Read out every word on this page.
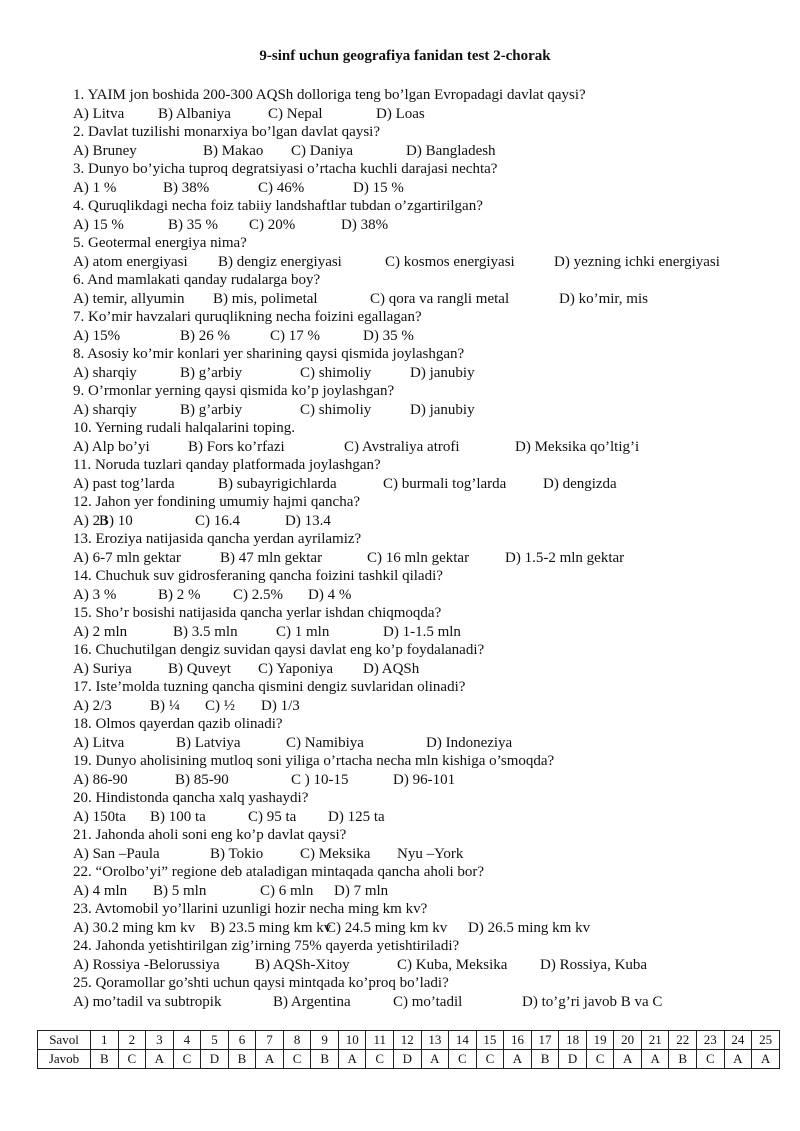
9-sinf uchun geografiya fanidan test 2-chorak
1. YAIM jon boshida 200-300 AQSh dolloriga teng bo’lgan Evropadagi davlat qaysi?
A) Litva B) Albaniya C) Nepal	D) Loas
2. Davlat tuzilishi monarxiya bo’lgan davlat qaysi?
A) Bruney	B) Makao C) Daniya	D) Bangladesh
3. Dunyo bo’yicha tuproq degratsiyasi o’rtacha kuchli darajasi nechta?
A) 1 %	B) 38%	C) 46%	D) 15 %
4. Quruqlikdagi necha foiz tabiiy landshaftlar tubdan o’zgartirilgan?
A) 15 %	B) 35 % C) 20%	D) 38%
5. Geotermal energiya nima?
A) atom energiyasi B) dengiz energiyasi	C) kosmos energiyasi	D) yezning ichki energiyasi
6. And mamlakati qanday rudalarga boy?
A) temir, allyumin B) mis, polimetal	C) qora va rangli metal	D) ko’mir, mis
7. Ko’mir havzalari quruqlikning necha foizini egallagan?
A) 15%	B) 26 %	C) 17 %	D) 35 %
8. Asosiy ko’mir konlari yer sharining qaysi qismida joylashgan?
A) sharqiy	B) g’arbiy	C) shimoliy	D) janubiy
9. O’rmonlar yerning qaysi qismida ko’p joylashgan?
A) sharqiy	B) g’arbiy	C) shimoliy	D) janubiy
10. Yerning rudali halqalarini toping.
A) Alp bo’yi	B) Fors ko’rfazi	C) Avstraliya atrofi	D) Meksika qo’ltig’i
11. Noruda tuzlari qanday platformada joylashgan?
A) past tog’larda	B) subayrigichlarda	C) burmali tog’larda D) dengizda
12. Jahon yer fondining umumiy hajmi qancha?
A) 23
B) 10	C) 16.4	D) 13.4
13. Eroziya natijasida qancha yerdan ayrilamiz?
A) 6-7 mln gektar	B) 47 mln gektar	C) 16 mln gektar D) 1.5-2 mln gektar
14. Chuchuk suv gidrosferaning qancha foizini tashkil qiladi?
A) 3 %	B) 2 % C) 2.5% D) 4 %
15. Sho’r bosishi natijasida qancha yerlar ishdan chiqmoqda?
A) 2 mln	B) 3.5 mln	C) 1 mln	D) 1-1.5 mln
16. Chuchutilgan dengiz suvidan qaysi davlat eng ko’p foydalanadi?
A) Suriya B) Quveyt C) Yaponiya D) AQSh
17. Iste’molda tuzning qancha qismini dengiz suvlaridan olinadi?
A) 2/3	B) ¼ C) ½ D) 1/3
18. Olmos qayerdan qazib olinadi?
A) Litva	B) Latviya	C) Namibiya	D) Indoneziya
19. Dunyo aholisining mutloq soni yiliga o’rtacha necha mln kishiga o’smoqda?
A) 86-90	B) 85-90	C ) 10-15	D) 96-101
20. Hindistonda qancha xalq yashaydi?
A) 150ta B) 100 ta	C) 95 ta D) 125 ta
21. Jahonda aholi soni eng ko’p davlat qaysi?
A) San –Paula	B) Tokio C) Meksika Nyu –York
22. “Orolbo’yi” regione deb ataladigan mintaqada qancha aholi bor?
A) 4 mln B) 5 mln	C) 6 mln D) 7 mln
23. Avtomobil yo’llarini uzunligi hozir necha ming km kv?
A) 30.2 ming km kv B) 23.5 ming km kv
C) 24.5 ming km kv D) 26.5 ming km kv
24. Jahonda yetishtirilgan zig’irning 75% qayerda yetishtiriladi?
A) Rossiya -Belorussiya B) AQSh-Xitoy	C) Kuba, Meksika D) Rossiya, Kuba
25. Qoramollar go’shti uchun qaysi mintqada ko’proq bo’ladi?
A) mo’tadil va subtropik	B) Argentina	C) mo’tadil	D) to’g’ri javob B va C
Savol	1	2	3	4	5	6	7	8	9	10	11	12	13	14	15	16	17	18	19	20	21	22	23	24	25
Javob	B	C	A	C	D	B	A	C	B	A	C	D	A	C	C	A	B	D	C	A	A	B	C	A	A
